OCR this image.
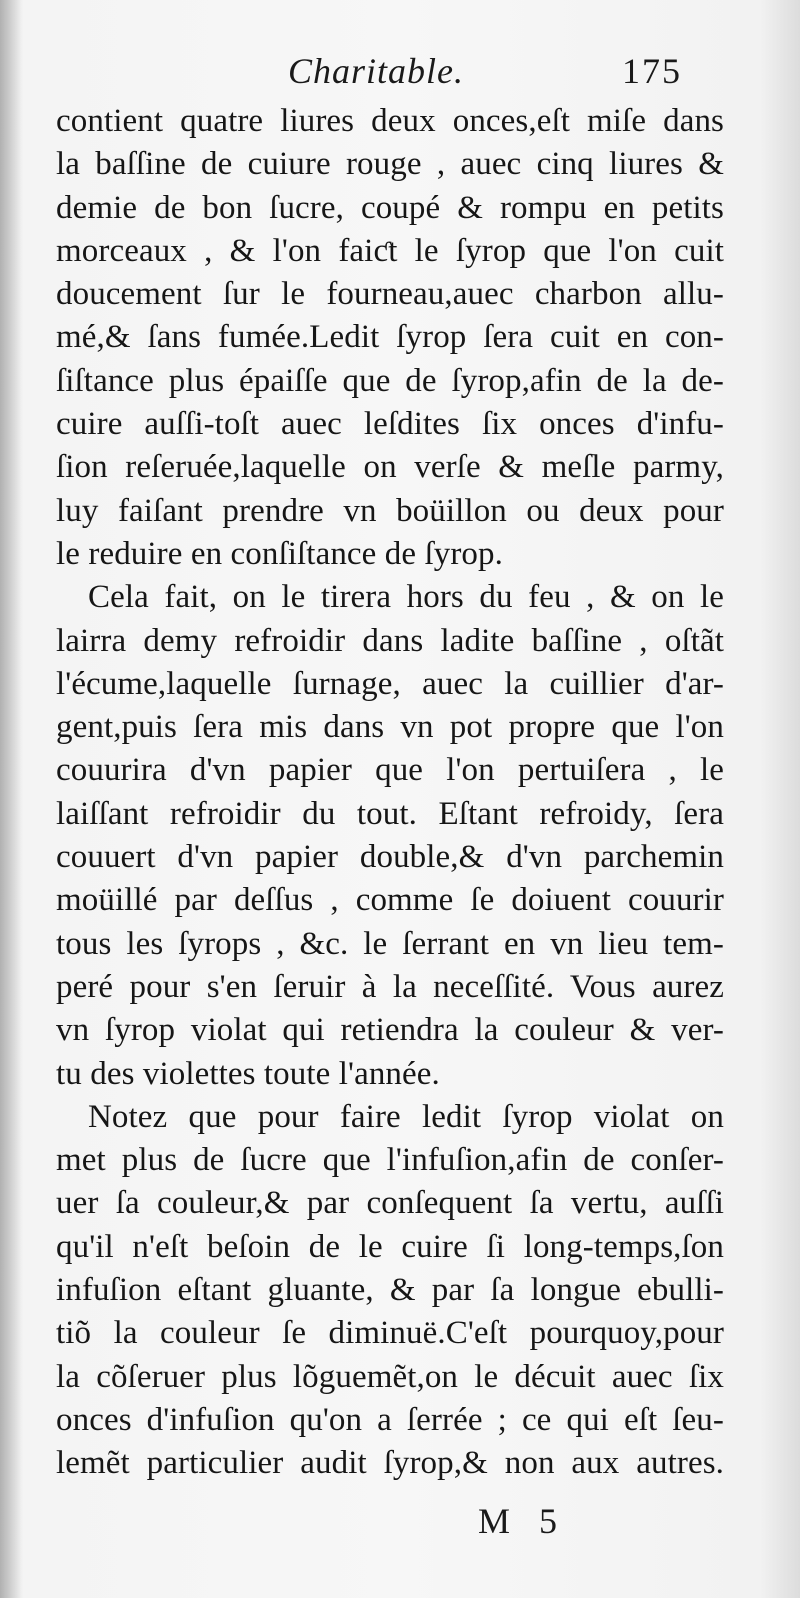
Charitable.	175
contient quatre liures deux onces,eſt miſe dans
la baſſine de cuiure rouge , auec cinq liures &
demie de bon ſucre, coupé & rompu en petits
morceaux , & l'on faiƈt le ſyrop que l'on cuit
doucement ſur le fourneau,auec charbon allu-
mé,& ſans fumée.Ledit ſyrop ſera cuit en con-
ſiſtance plus épaiſſe que de ſyrop,afin de la de-
cuire auſſi-toſt auec leſdites ſix onces d'infu-
ſion reſeruée,laquelle on verſe & meſle parmy,
luy faiſant prendre vn boüillon ou deux pour
le reduire en conſiſtance de ſyrop.
Cela fait, on le tirera hors du feu , & on le
lairra demy refroidir dans ladite baſſine , oſtãt
l'écume,laquelle ſurnage, auec la cuillier d'ar-
gent,puis ſera mis dans vn pot propre que l'on
couurira d'vn papier que l'on pertuiſera , le
laiſſant refroidir du tout. Eſtant refroidy, ſera
couuert d'vn papier double,& d'vn parchemin
moüillé par deſſus , comme ſe doiuent couurir
tous les ſyrops , &c. le ſerrant en vn lieu tem-
peré pour s'en ſeruir à la neceſſité. Vous aurez
vn ſyrop violat qui retiendra la couleur & ver-
tu des violettes toute l'année.
Notez que pour faire ledit ſyrop violat on
met plus de ſucre que l'infuſion,afin de conſer-
uer ſa couleur,& par conſequent ſa vertu, auſſi
qu'il n'eſt beſoin de le cuire ſi long-temps,ſon
infuſion eſtant gluante, & par ſa longue ebulli-
tiõ la couleur ſe diminuë.C'eſt pourquoy,pour
la cõſeruer plus lõguemẽt,on le décuit auec ſix
onces d'infuſion qu'on a ſerrée ; ce qui eſt ſeu-
lemẽt particulier audit ſyrop,& non aux autres.
M 5
